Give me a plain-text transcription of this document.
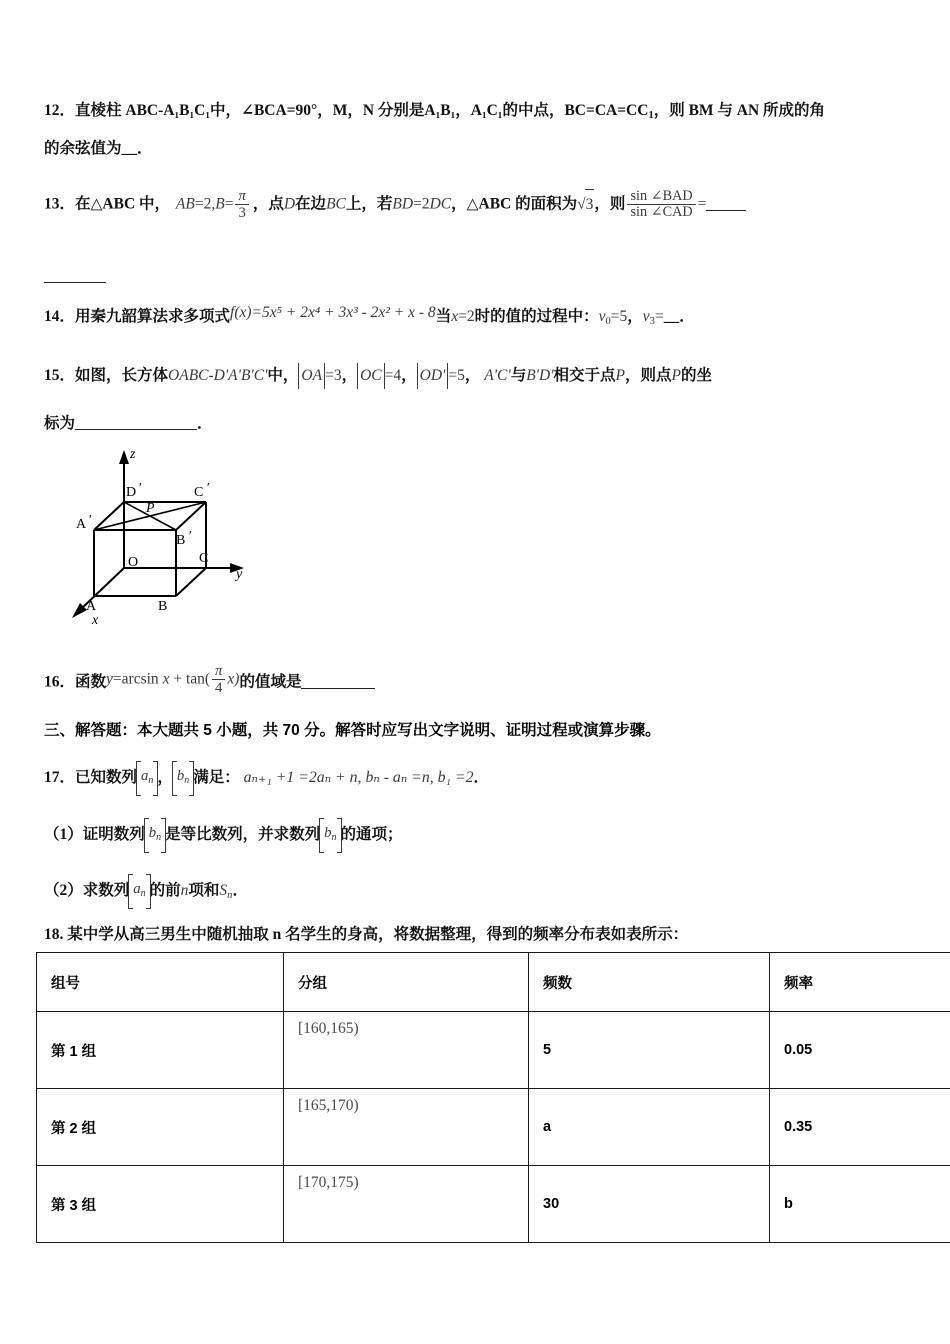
12．直棱柱 ABC-A₁B₁C₁中，∠BCA=90°，M，N 分别是A₁B₁，A₁C₁的中点，BC=CA=CC1，则 BM 与 AN 所成的角
的余弦值为__．
13．在△ABC 中， $AB=2,B= \frac{\pi}{3}$ ，点D在边BC上，若BD=2DC，△ABC 的面积为√3，则 $\frac{\text{sin ∠BAD}}{\text{sin ∠CAD}}$ =
14．用秦九韶算法求多项式f(x)=5x⁵ + 2x⁴ + 3x³ - 2x² + x - 8当x=2时的值的过程中：v0=5，v3=__．
15．如图，长方体OABC-D'A'B'C'中， OA =3， OC =4， OD' =5， A'C'与B'D'相交于点P，则点P的坐
标为	．
z
y
x
D ′	C ′
A ′
B ′
P
O	C
A	B
16．函数y=arcsin $x + \tan( \frac{\pi}{4} x)$的值域是
三、解答题：本大题共 5 小题，共 70 分。解答时应写出文字说明、证明过程或演算步骤。
17．已知数列 $a_n$ ， $b_n$ 满足： aₙ₊₁ +1 =2aₙ + n, bₙ - aₙ =n, b₁ =2．
（1）证明数列 $b_n$ 是等比数列，并求数列 $b_n$ 的通项；
（2）求数列 $a_n$ 的前n项和$S_n$．
18. 某中学从高三男生中随机抽取 n 名学生的身高，将数据整理，得到的频率分布表如表所示：
组号	分组	频数	频率
第 1 组	[160,165)	5	0.05
第 2 组	[165,170)	a	0.35
第 3 组	[170,175)	30	b
